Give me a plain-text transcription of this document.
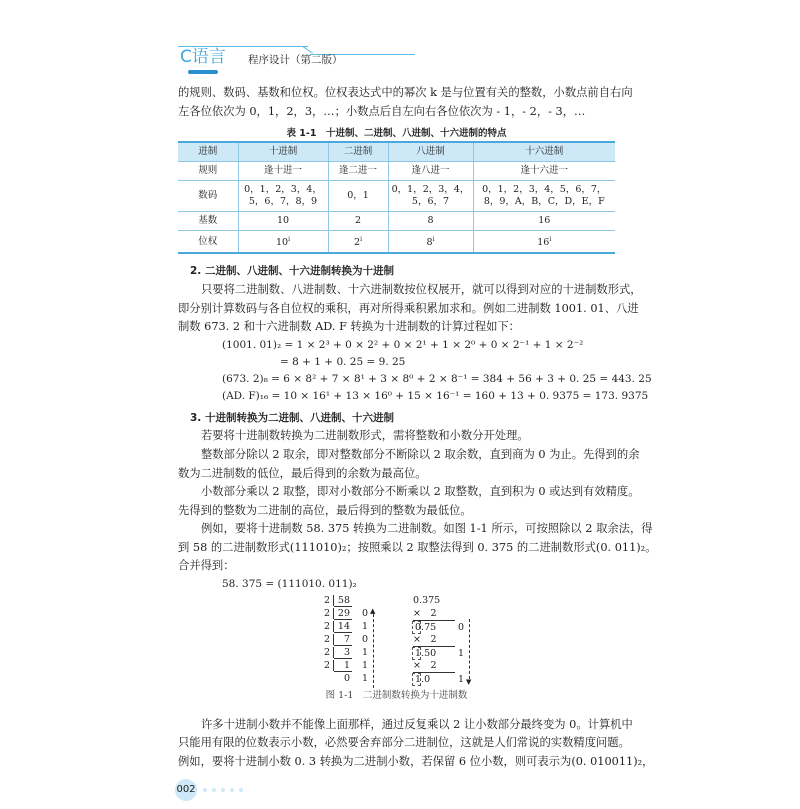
C语言 程序设计（第二版）
的规则、数码、基数和位权。位权表达式中的幂次 k 是与位置有关的整数，小数点前自右向
左各位依次为 0，1，2，3，…；小数点后自左向右各位依次为 - 1，- 2，- 3，…
表 1-1　十进制、二进制、八进制、十六进制的特点
进制	十进制	二进制	八进制	十六进制
规则	逢十进一	逢二进一	逢八进一	逢十六进一
数码	0，1，2，3，4，5，6，7，8，9	0，1	0，1，2，3，4，5，6，7	0，1，2，3，4，5，6，7，8，9，A，B，C，D，E，F
基数	10	2	8	16
位权	10$^i$	2$^i$	8$^i$	16$^i$
2. 二进制、八进制、十六进制转换为十进制
只要将二进制数、八进制数、十六进制数按位权展开，就可以得到对应的十进制数形式，
即分别计算数码与各自位权的乘积，再对所得乘积累加求和。例如二进制数 1001. 01、八进
制数 673. 2 和十六进制数 AD. F 转换为十进制数的计算过程如下：
(1001. 01)₂ = 1 × 2³ + 0 × 2² + 0 × 2¹ + 1 × 2⁰ + 0 × 2⁻¹ + 1 × 2⁻²
= 8 + 1 + 0. 25 = 9. 25
(673. 2)₈ = 6 × 8² + 7 × 8¹ + 3 × 8⁰ + 2 × 8⁻¹ = 384 + 56 + 3 + 0. 25 = 443. 25
(AD. F)₁₆ = 10 × 16¹ + 13 × 16⁰ + 15 × 16⁻¹ = 160 + 13 + 0. 9375 = 173. 9375
3. 十进制转换为二进制、八进制、十六进制
若要将十进制数转换为二进制数形式，需将整数和小数分开处理。
整数部分除以 2 取余，即对整数部分不断除以 2 取余数，直到商为 0 为止。先得到的余
数为二进制数的低位，最后得到的余数为最高位。
小数部分乘以 2 取整，即对小数部分不断乘以 2 取整数，直到积为 0 或达到有效精度。
先得到的整数为二进制的高位，最后得到的整数为最低位。
例如，要将十进制数 58. 375 转换为二进制数。如图 1-1 所示，可按照除以 2 取余法，得
到 58 的二进制数形式(111010)₂；按照乘以 2 取整法得到 0. 375 的二进制数形式(0. 011)₂。
合并得到：
58. 375 = (111010. 011)₂
2 58
2 29
2 14
2	7
2	3
2	1
0
0
1
0
1
1
1
▲
0.375
×　2
0.75 0
×　2
1.50 1
×　2
1.0	1 ▼
图 1-1　二进制数转换为十进制数
许多十进制小数并不能像上面那样，通过反复乘以 2 让小数部分最终变为 0。计算机中
只能用有限的位数表示小数，必然要舍弃部分二进制位，这就是人们常说的实数精度问题。
例如，要将十进制小数 0. 3 转换为二进制小数，若保留 6 位小数，则可表示为(0. 010011)₂，
002
